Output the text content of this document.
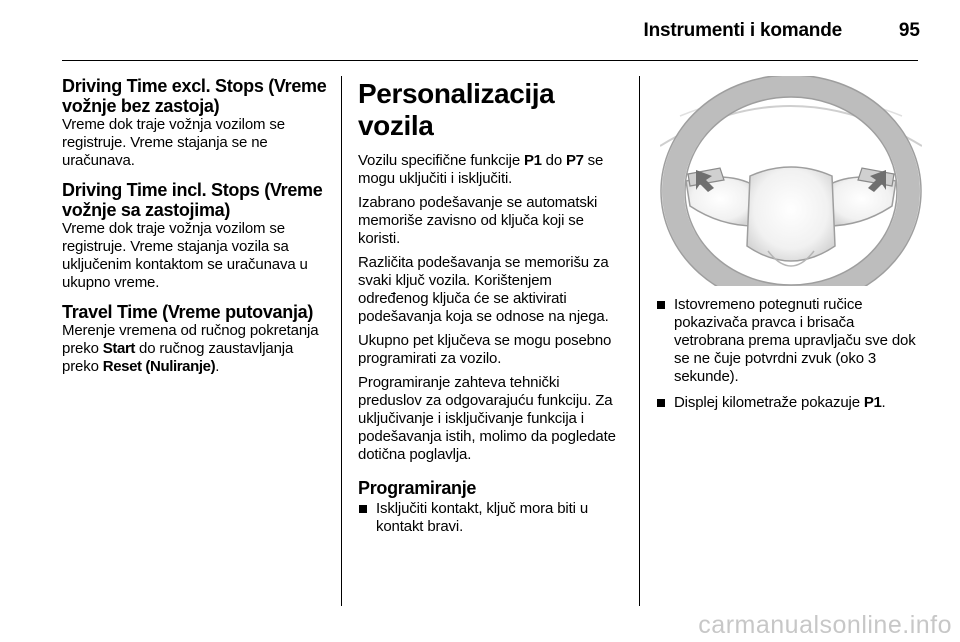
Instrumenti i komande	95
Driving Time excl. Stops (Vreme vožnje bez zastoja)

Vreme dok traje vožnja vozilom se registruje. Vreme stajanja se ne uračunava.

Driving Time incl. Stops (Vreme vožnje sa zastojima)

Vreme dok traje vožnja vozilom se registruje. Vreme stajanja vozila sa uključenim kontaktom se uračunava u ukupno vreme.

Travel Time (Vreme putovanja)

Merenje vremena od ručnog pokretanja preko Start do ručnog zaustavljanja preko Reset (Nuliranje).

Personalizacija vozila

Vozilu specifične funkcije P1 do P7 se mogu uključiti i isključiti.

Izabrano podešavanje se automatski memoriše zavisno od ključa koji se koristi.

Različita podešavanja se memorišu za svaki ključ vozila. Korištenjem određenog ključa će se aktivirati podešavanja koja se odnose na njega.

Ukupno pet ključeva se mogu posebno programirati za vozilo.

Programiranje zahteva tehnički preduslov za odgovarajuću funkciju. Za uključivanje i isključivanje funkcija i podešavanja istih, molimo da pogledate dotična poglavlja.

Programiranje
Isključiti kontakt, ključ mora biti u kontakt bravi.
Istovremeno potegnuti ručice pokazivača pravca i brisača vetrobrana prema upravljaču sve dok se ne čuje potvrdni zvuk (oko 3 sekunde).
Displej kilometraže pokazuje P1.
carmanualsonline.info
